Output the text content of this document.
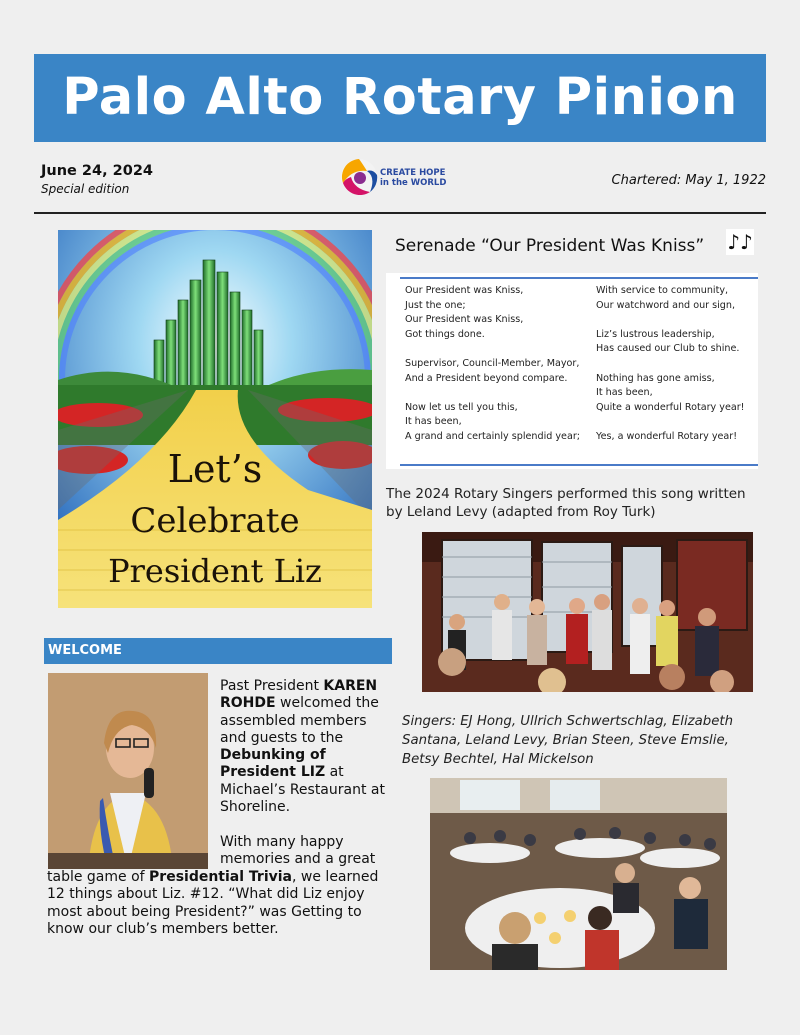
Palo Alto Rotary Pinion
June 24, 2024
Special edition
CREATE HOPE
in the WORLD	Chartered: May 1, 1922
Let’s
Celebrate
President Liz
Serenade “Our President Was Kniss” ♪♪
Our President was Kniss,
Just the one;
Our President was Kniss,
Got things done.
Supervisor, Council-Member, Mayor,
And a President beyond compare.
Now let us tell you this,
It has been,
A grand and certainly splendid year;
With service to community,
Our watchword and our sign,
Liz’s lustrous leadership,
Has caused our Club to shine.
Nothing has gone amiss,
It has been,
Quite a wonderful Rotary year!
Yes, a wonderful Rotary year!
The 2024 Rotary Singers performed this song written by Leland Levy (adapted from Roy Turk)
Singers: EJ Hong, Ullrich Schwertschlag, Elizabeth Santana, Leland Levy, Brian Steen, Steve Emslie, Betsy Bechtel, Hal Mickelson
WELCOME
Past President KAREN ROHDE welcomed the assembled members and guests to the Debunking of President LIZ at Michael’s Restaurant at Shoreline.

With many happy memories and a great
table game of Presidential Trivia, we learned 12 things about Liz. #12. “What did Liz enjoy most about being President?” was Getting to know our club’s members better.
